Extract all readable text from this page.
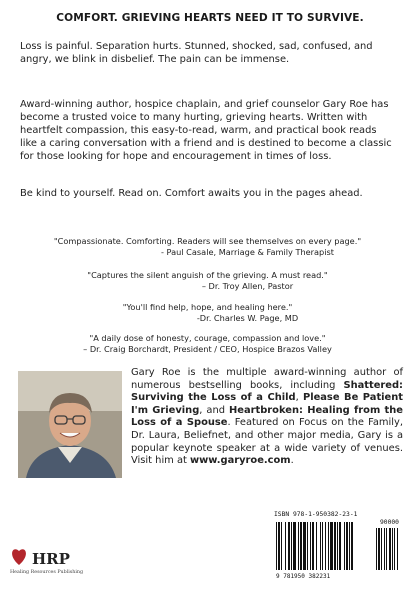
COMFORT. GRIEVING HEARTS NEED IT TO SURVIVE.

Loss is painful. Separation hurts. Stunned, shocked, sad, confused, and angry, we blink in disbelief. The pain can be immense.

Award-winning author, hospice chaplain, and grief counselor Gary Roe has become a trusted voice to many hurting, grieving hearts. Written with heartfelt compassion, this easy-to-read, warm, and practical book reads like a caring conversation with a friend and is destined to become a classic for those looking for hope and encouragement in times of loss.

Be kind to yourself. Read on. Comfort awaits you in the pages ahead.

"Compassionate. Comforting. Readers will see themselves on every page."
- Paul Casale, Marriage & Family Therapist
"Captures the silent anguish of the grieving. A must read."
– Dr. Troy Allen, Pastor
"You'll find help, hope, and healing here."
-Dr. Charles W. Page, MD
"A daily dose of honesty, courage, compassion and love."
– Dr. Craig Borchardt, President / CEO, Hospice Brazos Valley

Gary Roe is the multiple award-winning author of numerous bestselling books, including Shattered: Surviving the Loss of a Child, Please Be Patient I'm Grieving, and Heartbroken: Healing from the Loss of a Spouse. Featured on Focus on the Family, Dr. Laura, Beliefnet, and other major media, Gary is a popular keynote speaker at a wide variety of venues. Visit him at www.garyroe.com.

ISBN 978-1-950382-23-1
90000
9 781950 382231
HRP
Healing Resources Publishing
